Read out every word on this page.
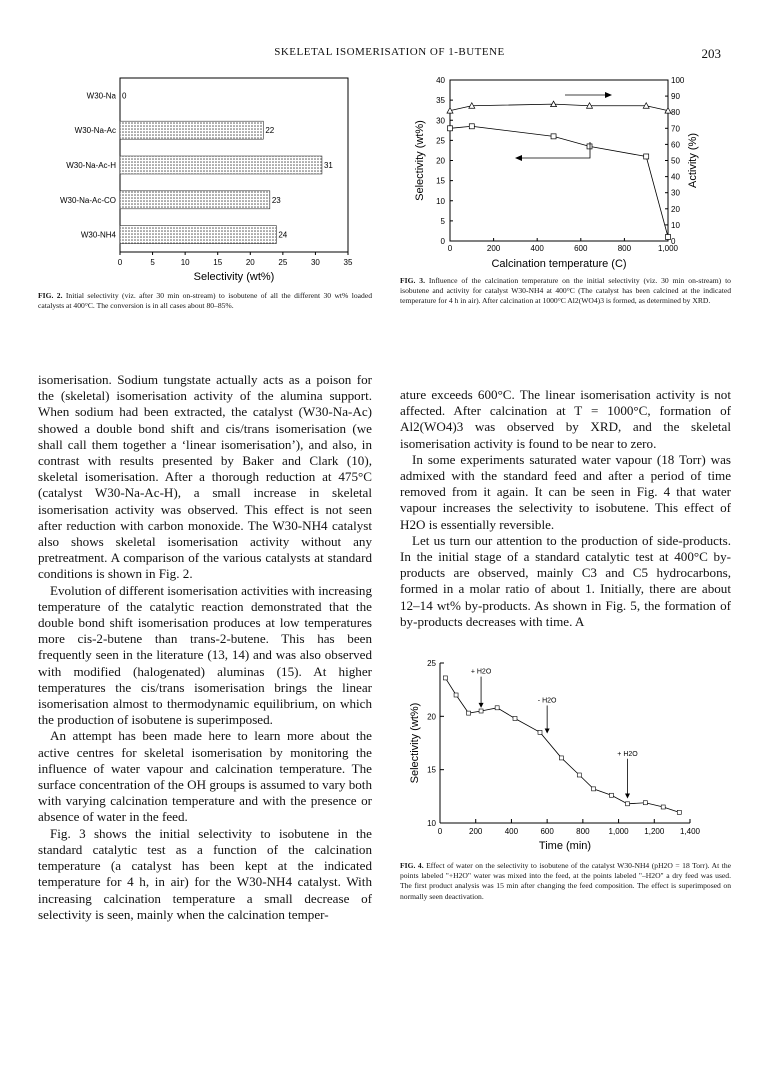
SKELETAL ISOMERISATION OF 1-BUTENE	203
W30-Na 0
W30-Na-Ac	22
W30-Na-Ac-H	31
W30-Na-Ac-CO	23
W30-NH4	24
0	5	10	15	20	25	30	35
Selectivity (wt%)
FIG. 2. Initial selectivity (viz. after 30 min on-stream) to isobutene of all the different 30 wt% loaded catalysts at 400°C. The conversion is in all cases about 80–85%.
0
5
10
15
20
25
30
35
40
0
10
20
30
40
50
60
70
80
90
100
0	200	400	600	800	1,000
Calcination temperature (C)
Selectivity (wt%)	Activity (%)
FIG. 3. Influence of the calcination temperature on the initial selectivity (viz. 30 min on-stream) to isobutene and activity for catalyst W30-NH4 at 400°C (The catalyst has been calcined at the indicated temperature for 4 h in air). After calcination at 1000°C Al2(WO4)3 is formed, as determined by XRD.
10
15
20
25
0	200	400	600	800 1,000 1,200 1,400
Time (min)
Selectivity (wt%)
+ H2O
- H2O
+ H2O
FIG. 4. Effect of water on the selectivity to isobutene of the catalyst W30-NH4 (pH2O = 18 Torr). At the points labeled "+H2O" water was mixed into the feed, at the points labeled "–H2O" a dry feed was used. The first product analysis was 15 min after changing the feed composition. The effect is superimposed on normally seen deactivation.

isomerisation. Sodium tungstate actually acts as a poison for the (skeletal) isomerisation activity of the alumina support. When sodium had been extracted, the catalyst (W30-Na-Ac) showed a double bond shift and cis/trans isomerisation (we shall call them together a ‘linear isomerisation’), and also, in contrast with results presented by Baker and Clark (10), skeletal isomerisation. After a thorough reduction at 475°C (catalyst W30-Na-Ac-H), a small increase in skeletal isomerisation activity was observed. This effect is not seen after reduction with carbon monoxide. The W30-NH4 catalyst also shows skeletal isomerisation activity without any pretreatment. A comparison of the various catalysts at standard conditions is shown in Fig. 2.

Evolution of different isomerisation activities with increasing temperature of the catalytic reaction demonstrated that the double bond shift isomerisation produces at low temperatures more cis-2-butene than trans-2-butene. This has been frequently seen in the literature (13, 14) and was also observed with modified (halogenated) aluminas (15). At higher temperatures the cis/trans isomerisation brings the linear isomerisation almost to thermodynamic equilibrium, on which the production of isobutene is superimposed.

An attempt has been made here to learn more about the active centres for skeletal isomerisation by monitoring the influence of water vapour and calcination temperature. The surface concentration of the OH groups is assumed to vary both with varying calcination temperature and with the presence or absence of water in the feed.

Fig. 3 shows the initial selectivity to isobutene in the standard catalytic test as a function of the calcination temperature (a catalyst has been kept at the indicated temperature for 4 h, in air) for the W30-NH4 catalyst. With increasing calcination temperature a small decrease of selectivity is seen, mainly when the calcination temper-

ature exceeds 600°C. The linear isomerisation activity is not affected. After calcination at T = 1000°C, formation of Al2(WO4)3 was observed by XRD, and the skeletal isomerisation activity is found to be near to zero.

In some experiments saturated water vapour (18 Torr) was admixed with the standard feed and after a period of time removed from it again. It can be seen in Fig. 4 that water vapour increases the selectivity to isobutene. This effect of H2O is essentially reversible.

Let us turn our attention to the production of side-products. In the initial stage of a standard catalytic test at 400°C by-products are observed, mainly C3 and C5 hydrocarbons, formed in a molar ratio of about 1. Initially, there are about 12–14 wt% by-products. As shown in Fig. 5, the formation of by-products decreases with time. A
